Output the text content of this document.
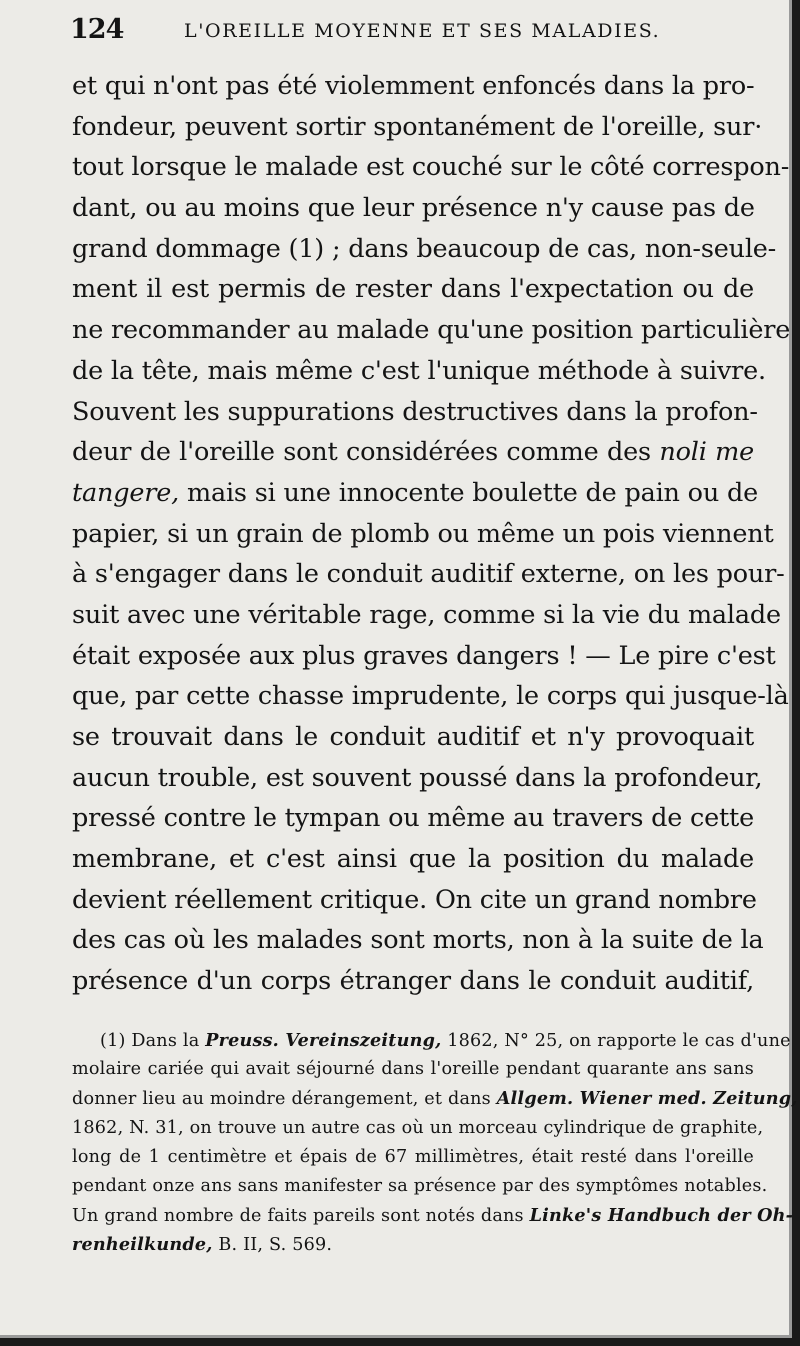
124	L'OREILLE MOYENNE ET SES MALADIES.
et qui n'ont pas été violemment enfoncés dans la pro-
fondeur, peuvent sortir spontanément de l'oreille, sur·
tout lorsque le malade est couché sur le côté correspon-
dant, ou au moins que leur présence n'y cause pas de
grand dommage (1) ; dans beaucoup de cas, non-seule-
ment il est permis de rester dans l'expectation ou de
ne recommander au malade qu'une position particulière
de la tête, mais même c'est l'unique méthode à suivre.
Souvent les suppurations destructives dans la profon-
deur de l'oreille sont considérées comme des noli me
tangere, mais si une innocente boulette de pain ou de
papier, si un grain de plomb ou même un pois viennent
à s'engager dans le conduit auditif externe, on les pour-
suit avec une véritable rage, comme si la vie du malade
était exposée aux plus graves dangers ! — Le pire c'est
que, par cette chasse imprudente, le corps qui jusque-là
se trouvait dans le conduit auditif et n'y provoquait
aucun trouble, est souvent poussé dans la profondeur,
pressé contre le tympan ou même au travers de cette
membrane, et c'est ainsi que la position du malade
devient réellement critique. On cite un grand nombre
des cas où les malades sont morts, non à la suite de la
présence d'un corps étranger dans le conduit auditif,
(1) Dans la Preuss. Vereinszeitung, 1862, N° 25, on rapporte le cas d'une
molaire cariée qui avait séjourné dans l'oreille pendant quarante ans sans
donner lieu au moindre dérangement, et dans Allgem. Wiener med. Zeitung,
1862, N. 31, on trouve un autre cas où un morceau cylindrique de graphite,
long de 1 centimètre et épais de 67 millimètres, était resté dans l'oreille
pendant onze ans sans manifester sa présence par des symptômes notables.
Un grand nombre de faits pareils sont notés dans Linke's Handbuch der Oh-
renheilkunde, B. II, S. 569.
